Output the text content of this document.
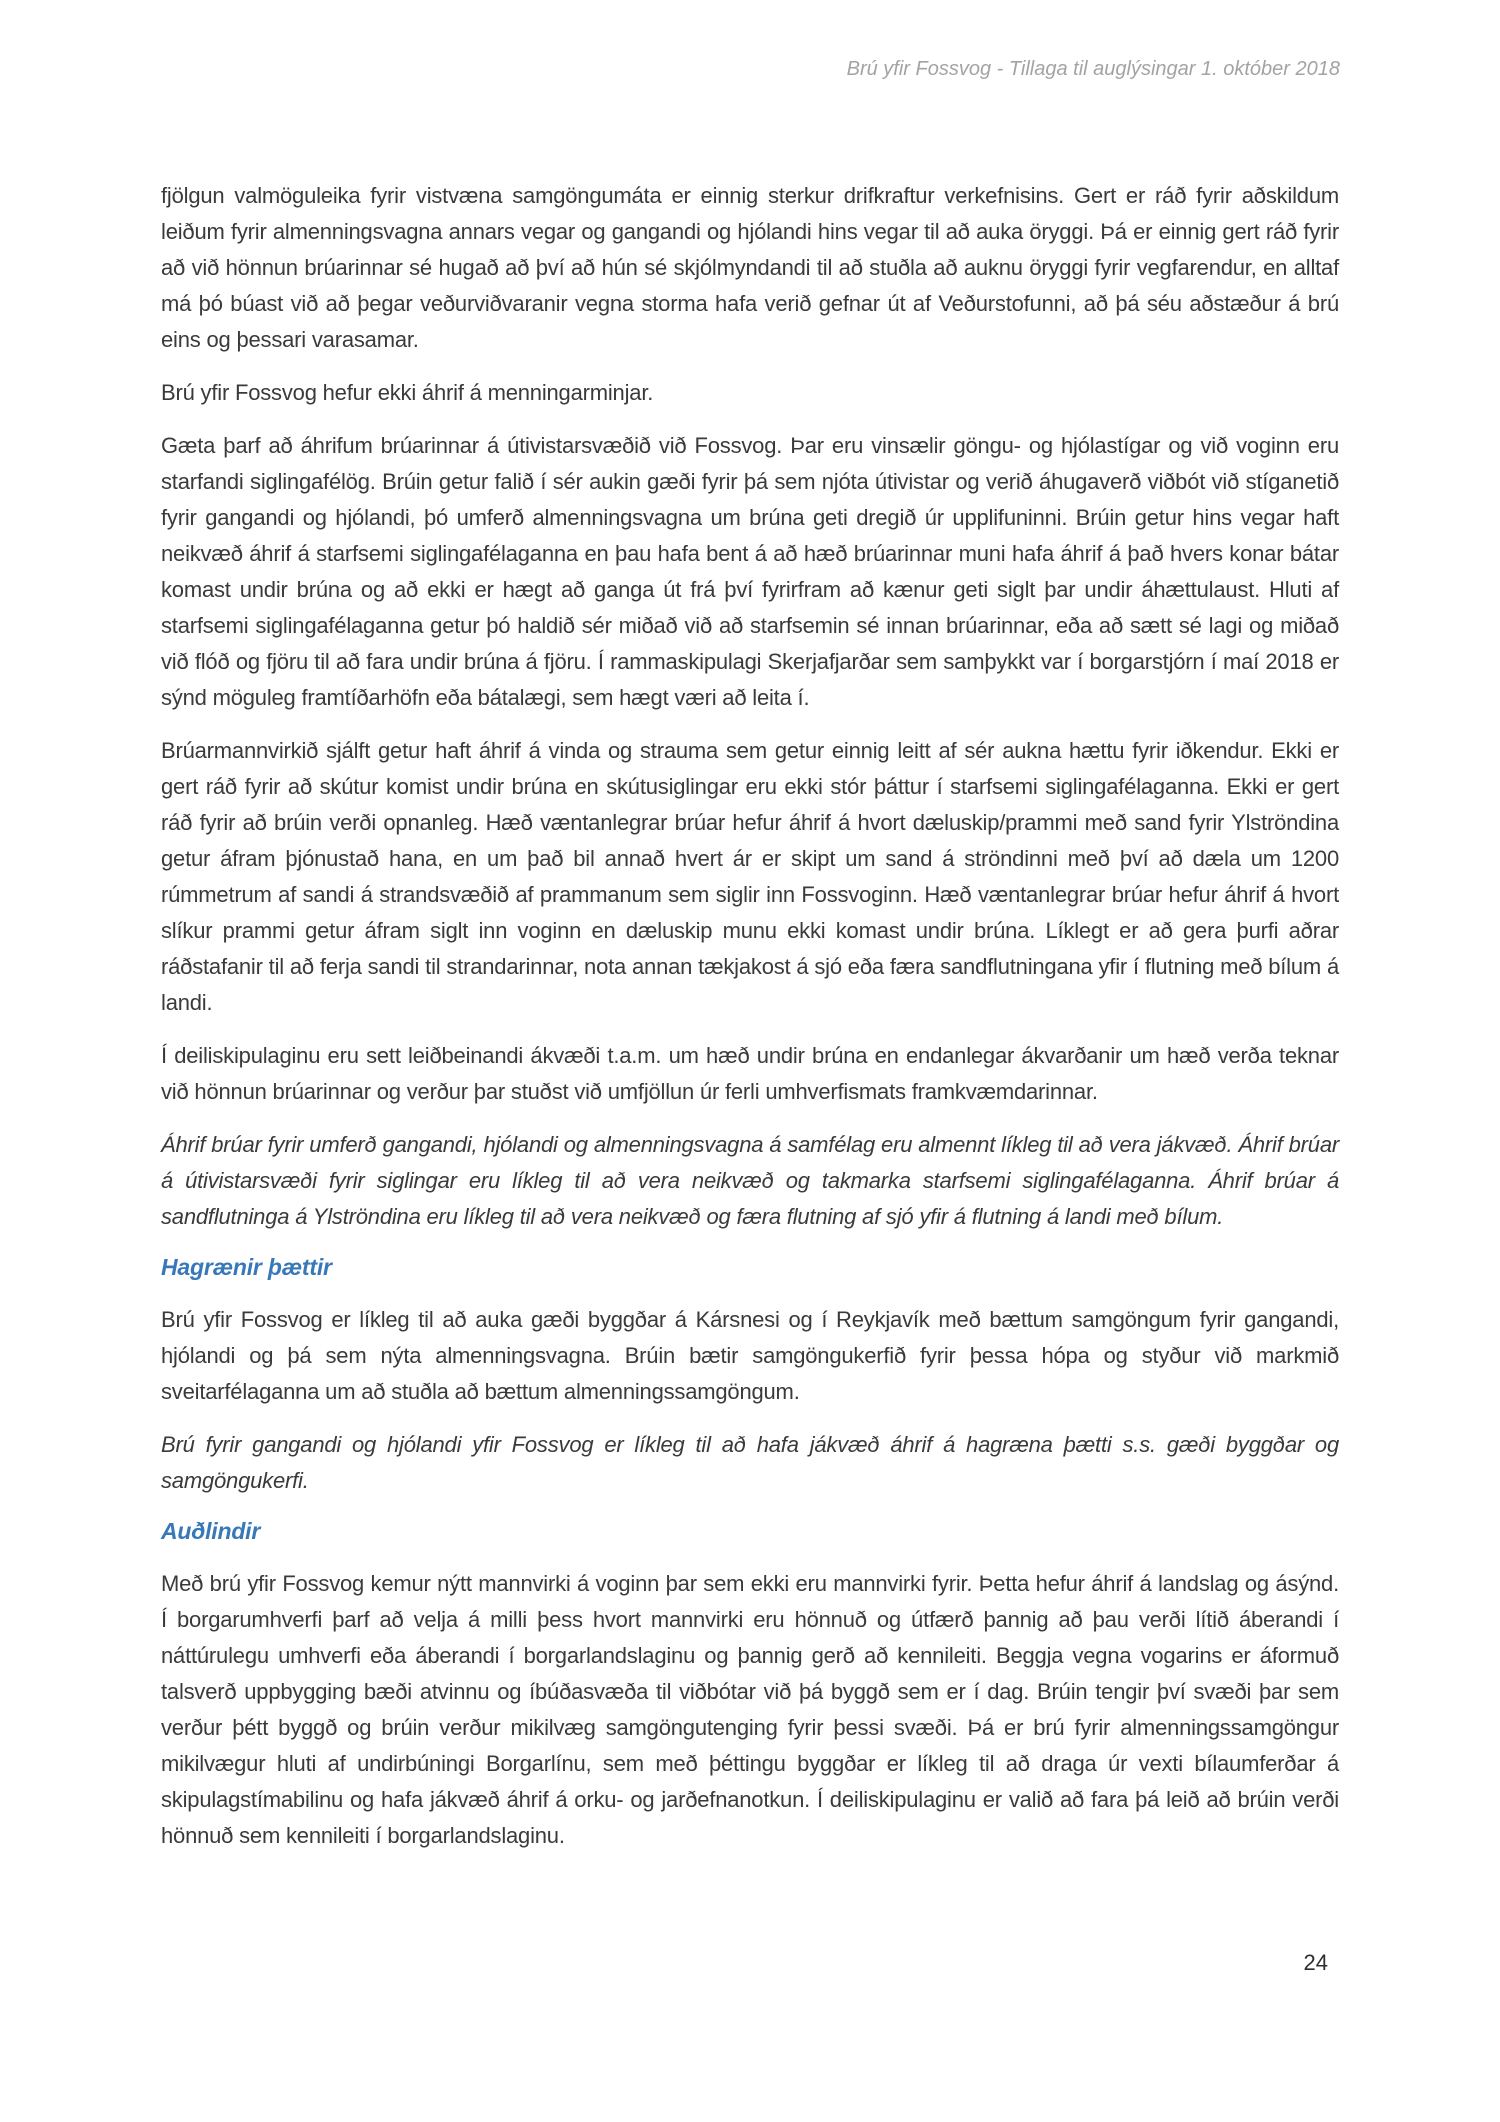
Brú yfir Fossvog - Tillaga til auglýsingar 1. október 2018

fjölgun valmöguleika fyrir vistvæna samgöngumáta er einnig sterkur drifkraftur verkefnisins. Gert er ráð fyrir aðskildum leiðum fyrir almenningsvagna annars vegar og gangandi og hjólandi hins vegar til að auka öryggi. Þá er einnig gert ráð fyrir að við hönnun brúarinnar sé hugað að því að hún sé skjólmyndandi til að stuðla að auknu öryggi fyrir vegfarendur, en alltaf má þó búast við að þegar veðurviðvaranir vegna storma hafa verið gefnar út af Veðurstofunni, að þá séu aðstæður á brú eins og þessari varasamar.

Brú yfir Fossvog hefur ekki áhrif á menningarminjar.

Gæta þarf að áhrifum brúarinnar á útivistarsvæðið við Fossvog. Þar eru vinsælir göngu- og hjólastígar og við voginn eru starfandi siglingafélög. Brúin getur falið í sér aukin gæði fyrir þá sem njóta útivistar og verið áhugaverð viðbót við stíganetið fyrir gangandi og hjólandi, þó umferð almenningsvagna um brúna geti dregið úr upplifuninni. Brúin getur hins vegar haft neikvæð áhrif á starfsemi siglingafélaganna en þau hafa bent á að hæð brúarinnar muni hafa áhrif á það hvers konar bátar komast undir brúna og að ekki er hægt að ganga út frá því fyrirfram að kænur geti siglt þar undir áhættulaust. Hluti af starfsemi siglingafélaganna getur þó haldið sér miðað við að starfsemin sé innan brúarinnar, eða að sætt sé lagi og miðað við flóð og fjöru til að fara undir brúna á fjöru. Í rammaskipulagi Skerjafjarðar sem samþykkt var í borgarstjórn í maí 2018 er sýnd möguleg framtíðarhöfn eða bátalægi, sem hægt væri að leita í.

Brúarmannvirkið sjálft getur haft áhrif á vinda og strauma sem getur einnig leitt af sér aukna hættu fyrir iðkendur. Ekki er gert ráð fyrir að skútur komist undir brúna en skútusiglingar eru ekki stór þáttur í starfsemi siglingafélaganna. Ekki er gert ráð fyrir að brúin verði opnanleg. Hæð væntanlegrar brúar hefur áhrif á hvort dæluskip/prammi með sand fyrir Ylströndina getur áfram þjónustað hana, en um það bil annað hvert ár er skipt um sand á ströndinni með því að dæla um 1200 rúmmetrum af sandi á strandsvæðið af prammanum sem siglir inn Fossvoginn. Hæð væntanlegrar brúar hefur áhrif á hvort slíkur prammi getur áfram siglt inn voginn en dæluskip munu ekki komast undir brúna. Líklegt er að gera þurfi aðrar ráðstafanir til að ferja sandi til strandarinnar, nota annan tækjakost á sjó eða færa sandflutningana yfir í flutning með bílum á landi.

Í deiliskipulaginu eru sett leiðbeinandi ákvæði t.a.m. um hæð undir brúna en endanlegar ákvarðanir um hæð verða teknar við hönnun brúarinnar og verður þar stuðst við umfjöllun úr ferli umhverfismats framkvæmdarinnar.

Áhrif brúar fyrir umferð gangandi, hjólandi og almenningsvagna á samfélag eru almennt líkleg til að vera jákvæð. Áhrif brúar á útivistarsvæði fyrir siglingar eru líkleg til að vera neikvæð og takmarka starfsemi siglingafélaganna. Áhrif brúar á sandflutninga á Ylströndina eru líkleg til að vera neikvæð og færa flutning af sjó yfir á flutning á landi með bílum.

Hagrænir þættir

Brú yfir Fossvog er líkleg til að auka gæði byggðar á Kársnesi og í Reykjavík með bættum samgöngum fyrir gangandi, hjólandi og þá sem nýta almenningsvagna. Brúin bætir samgöngukerfið fyrir þessa hópa og styður við markmið sveitarfélaganna um að stuðla að bættum almenningssamgöngum.

Brú fyrir gangandi og hjólandi yfir Fossvog er líkleg til að hafa jákvæð áhrif á hagræna þætti s.s. gæði byggðar og samgöngukerfi.

Auðlindir

Með brú yfir Fossvog kemur nýtt mannvirki á voginn þar sem ekki eru mannvirki fyrir. Þetta hefur áhrif á landslag og ásýnd. Í borgarumhverfi þarf að velja á milli þess hvort mannvirki eru hönnuð og útfærð þannig að þau verði lítið áberandi í náttúrulegu umhverfi eða áberandi í borgarlandslaginu og þannig gerð að kennileiti. Beggja vegna vogarins er áformuð talsverð uppbygging bæði atvinnu og íbúðasvæða til viðbótar við þá byggð sem er í dag. Brúin tengir því svæði þar sem verður þétt byggð og brúin verður mikilvæg samgöngutenging fyrir þessi svæði. Þá er brú fyrir almenningssamgöngur mikilvægur hluti af undirbúningi Borgarlínu, sem með þéttingu byggðar er líkleg til að draga úr vexti bílaumferðar á skipulagstímabilinu og hafa jákvæð áhrif á orku- og jarðefnanotkun. Í deiliskipulaginu er valið að fara þá leið að brúin verði hönnuð sem kennileiti í borgarlandslaginu.

24
